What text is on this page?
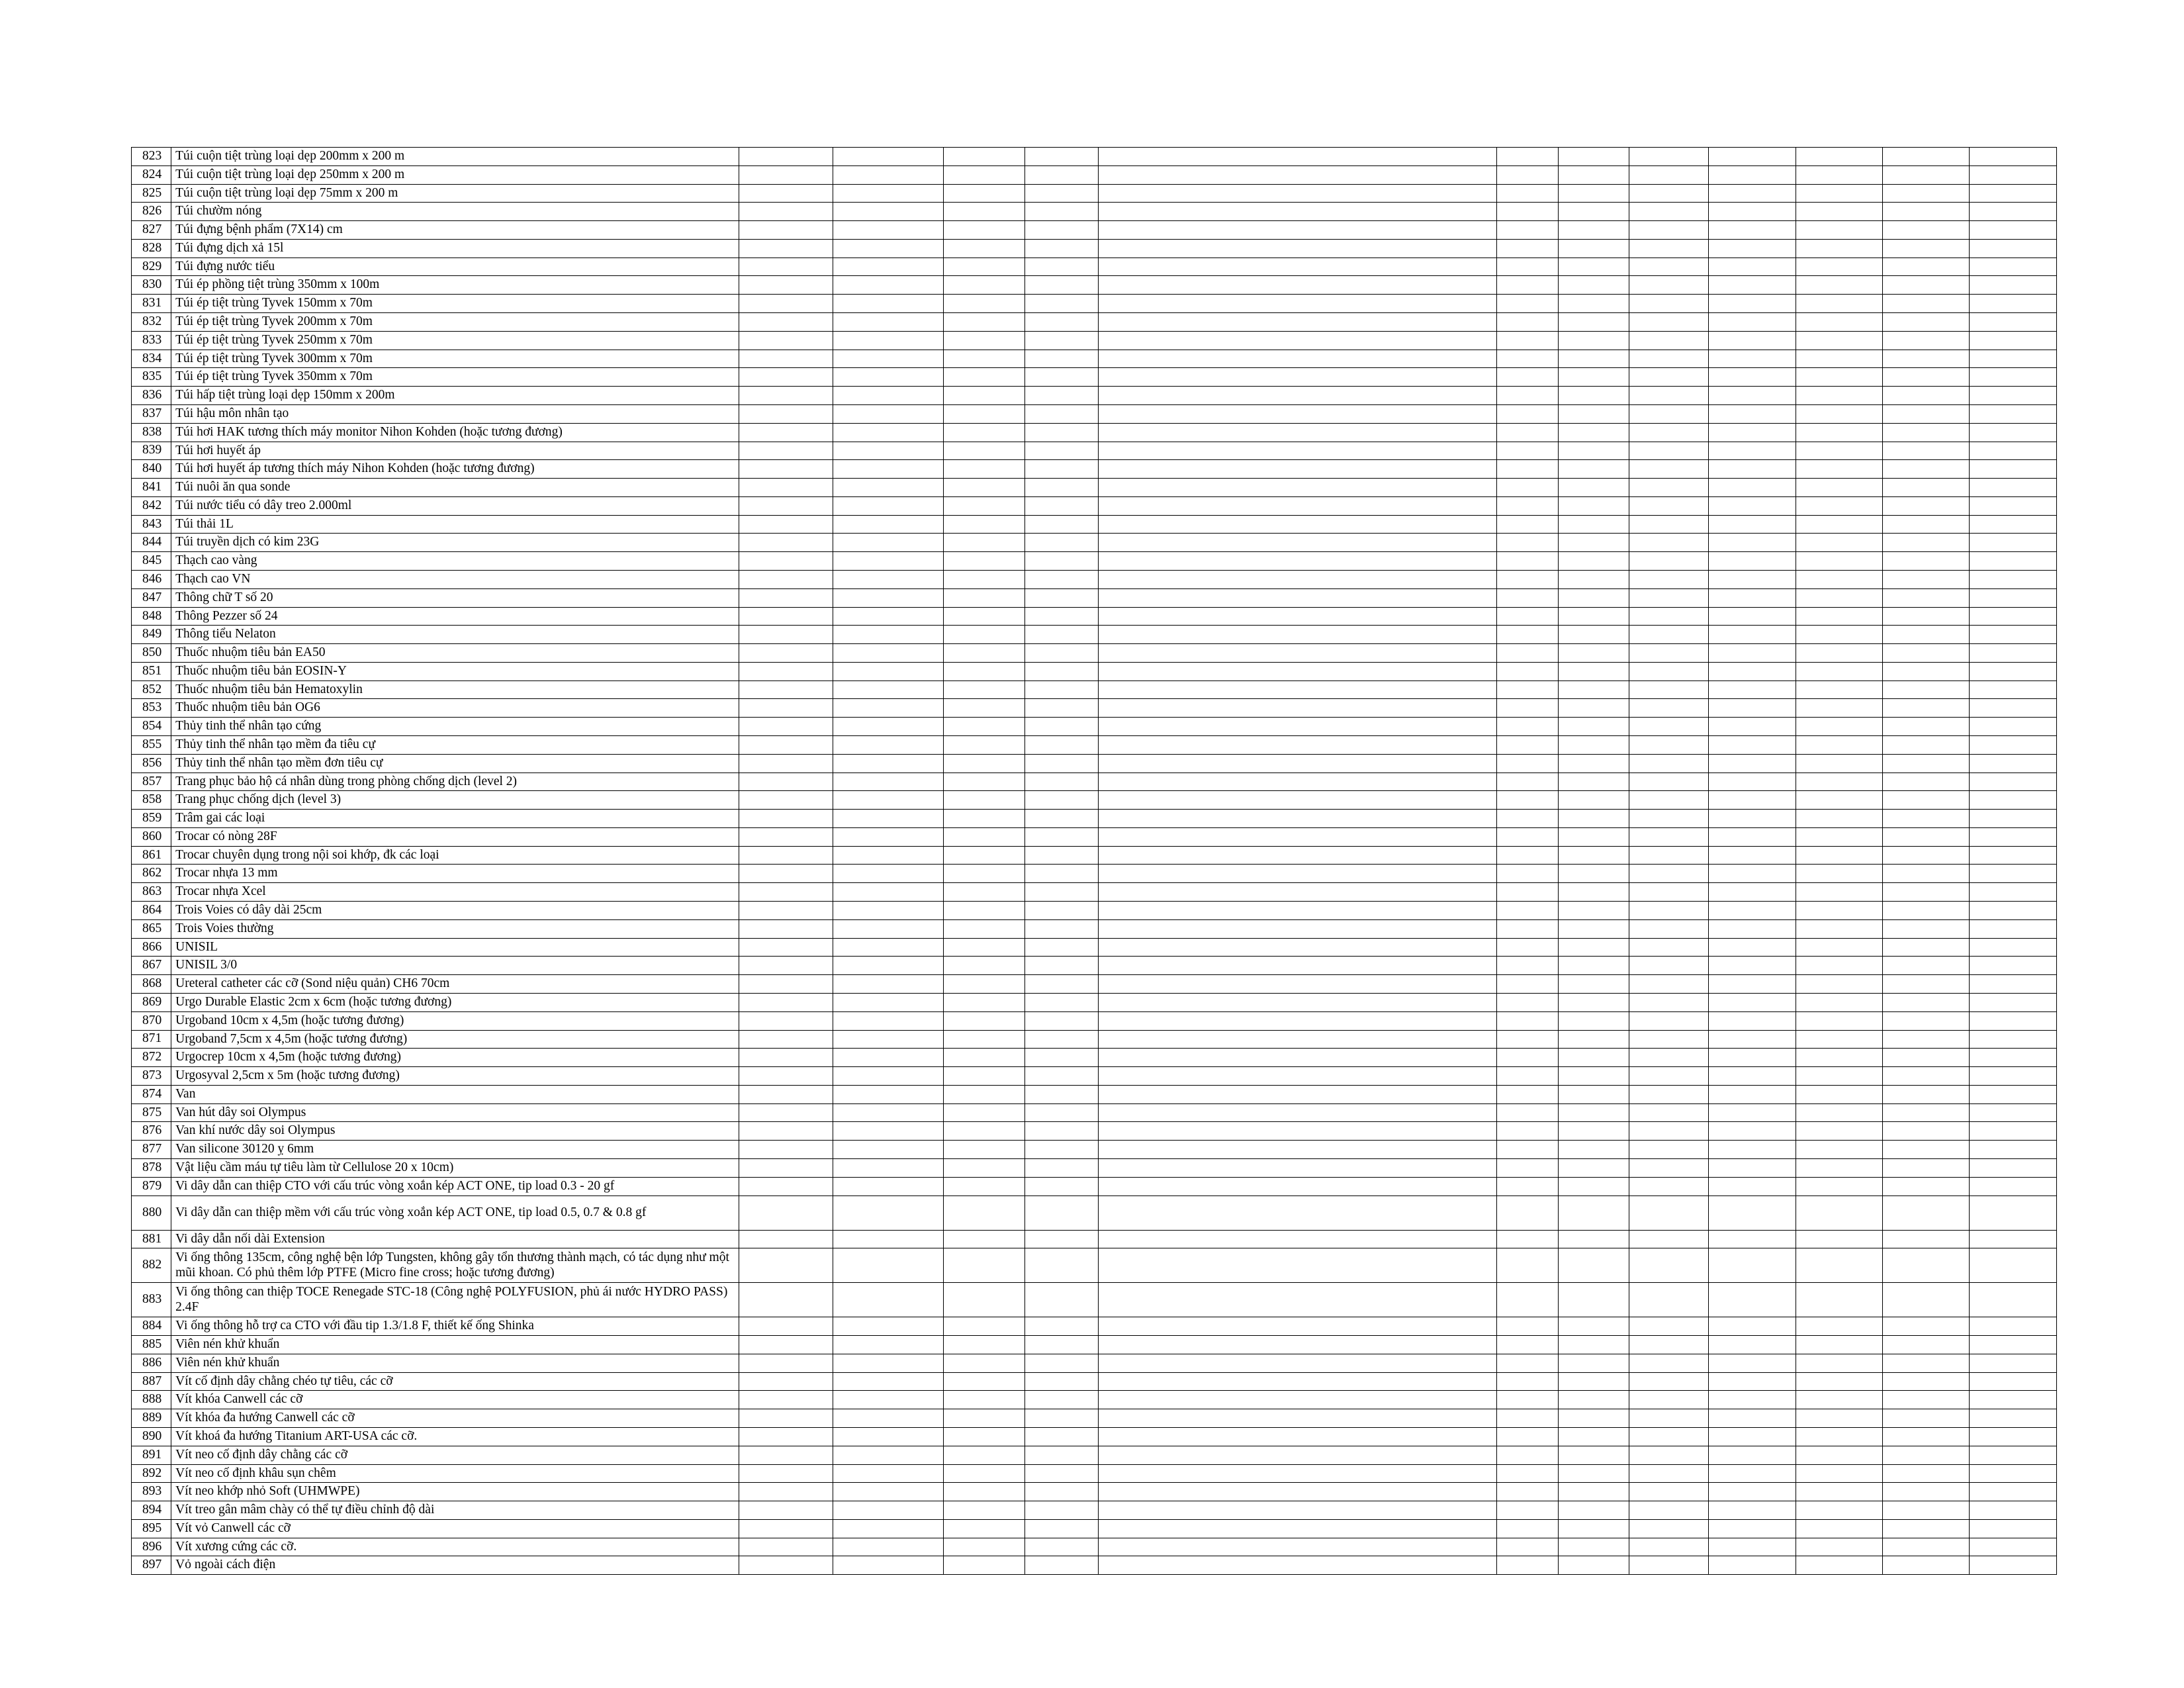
823	Túi cuộn tiệt trùng loại dẹp 200mm x 200 m												
824	Túi cuộn tiệt trùng loại dẹp 250mm x 200 m												
825	Túi cuộn tiệt trùng loại dẹp 75mm x 200 m												
826	Túi chườm nóng												
827	Túi đựng bệnh phẩm (7X14) cm												
828	Túi đựng dịch xả 15l												
829	Túi đựng nước tiểu												
830	Túi ép phồng tiệt trùng 350mm x 100m												
831	Túi ép tiệt trùng Tyvek 150mm x 70m												
832	Túi ép tiệt trùng Tyvek 200mm x 70m												
833	Túi ép tiệt trùng Tyvek 250mm x 70m												
834	Túi ép tiệt trùng Tyvek 300mm x 70m												
835	Túi ép tiệt trùng Tyvek 350mm x 70m												
836	Túi hấp tiệt trùng loại dẹp 150mm x 200m												
837	Túi hậu môn nhân tạo												
838	Túi hơi HAK tương thích máy monitor Nihon Kohden (hoặc tương đương)												
839	Túi hơi huyết áp												
840	Túi hơi huyết áp tương thích máy Nihon Kohden (hoặc tương đương)												
841	Túi nuôi ăn qua sonde												
842	Túi nước tiểu có dây treo 2.000ml												
843	Túi thải 1L												
844	Túi truyền dịch có kim 23G												
845	Thạch cao vàng												
846	Thạch cao VN												
847	Thông chữ T số 20												
848	Thông Pezzer số 24												
849	Thông tiểu Nelaton												
850	Thuốc nhuộm tiêu bản EA50												
851	Thuốc nhuộm tiêu bản EOSIN-Y												
852	Thuốc nhuộm tiêu bản Hematoxylin												
853	Thuốc nhuộm tiêu bản OG6												
854	Thủy tinh thể nhân tạo cứng												
855	Thủy tinh thể nhân tạo mềm đa tiêu cự												
856	Thủy tinh thể nhân tạo mềm đơn tiêu cự												
857	Trang phục bảo hộ cá nhân dùng trong phòng chống dịch (level 2)												
858	Trang phục chống dịch (level 3)												
859	Trâm gai các loại												
860	Trocar có nòng 28F												
861	Trocar chuyên dụng trong nội soi khớp, đk các loại												
862	Trocar nhựa 13 mm												
863	Trocar nhựa Xcel												
864	Trois Voies có dây dài 25cm												
865	Trois Voies thường												
866	UNISIL												
867	UNISIL 3/0												
868	Ureteral catheter các cỡ (Sond niệu quản) CH6 70cm												
869	Urgo Durable Elastic 2cm x 6cm (hoặc tương đương)												
870	Urgoband 10cm x 4,5m (hoặc tương đương)												
871	Urgoband 7,5cm x 4,5m (hoặc tương đương)												
872	Urgocrep 10cm x 4,5m (hoặc tương đương)												
873	Urgosyval 2,5cm x 5m (hoặc tương đương)												
874	Van												
875	Van hút dây soi Olympus												
876	Van khí nước dây soi Olympus												
877	Van silicone 30120 ỵ 6mm												
878	Vật liệu cầm máu tự tiêu làm từ Cellulose 20 x 10cm)												
879	Vi dây dẫn can thiệp CTO với cấu trúc vòng xoắn kép ACT ONE, tip load 0.3 - 20 gf												
880	Vi dây dẫn can thiệp mềm với cấu trúc vòng xoắn kép ACT ONE, tip load 0.5, 0.7 & 0.8 gf												
881	Vi dây dẫn nối dài Extension												
882	Vi ống thông 135cm, công nghệ bện lớp Tungsten, không gây tổn thương thành mạch, có tác dụng như một mũi khoan. Có phủ thêm lớp PTFE (Micro fine cross; hoặc tương đương)												
883	Vi ống thông can thiệp TOCE Renegade STC-18 (Công nghệ POLYFUSION, phủ ái nước HYDRO PASS) 2.4F												
884	Vi ống thông hỗ trợ ca CTO với đầu tip 1.3/1.8 F, thiết kế ống Shinka												
885	Viên nén khử khuẩn												
886	Viên nén khử khuẩn												
887	Vít cố định dây chằng chéo tự tiêu, các cỡ												
888	Vít khóa Canwell các cỡ												
889	Vít khóa đa hướng Canwell các cỡ												
890	Vít khoá đa hướng Titanium ART-USA các cỡ.												
891	Vít neo cố định dây chằng các cỡ												
892	Vít neo cố định khâu sụn chêm												
893	Vít neo khớp nhỏ Soft (UHMWPE)												
894	Vít treo gân mâm chày có thể tự điều chỉnh độ dài												
895	Vít vỏ Canwell các cỡ												
896	Vít xương cứng các cỡ.												
897	Vỏ ngoài cách điện												
